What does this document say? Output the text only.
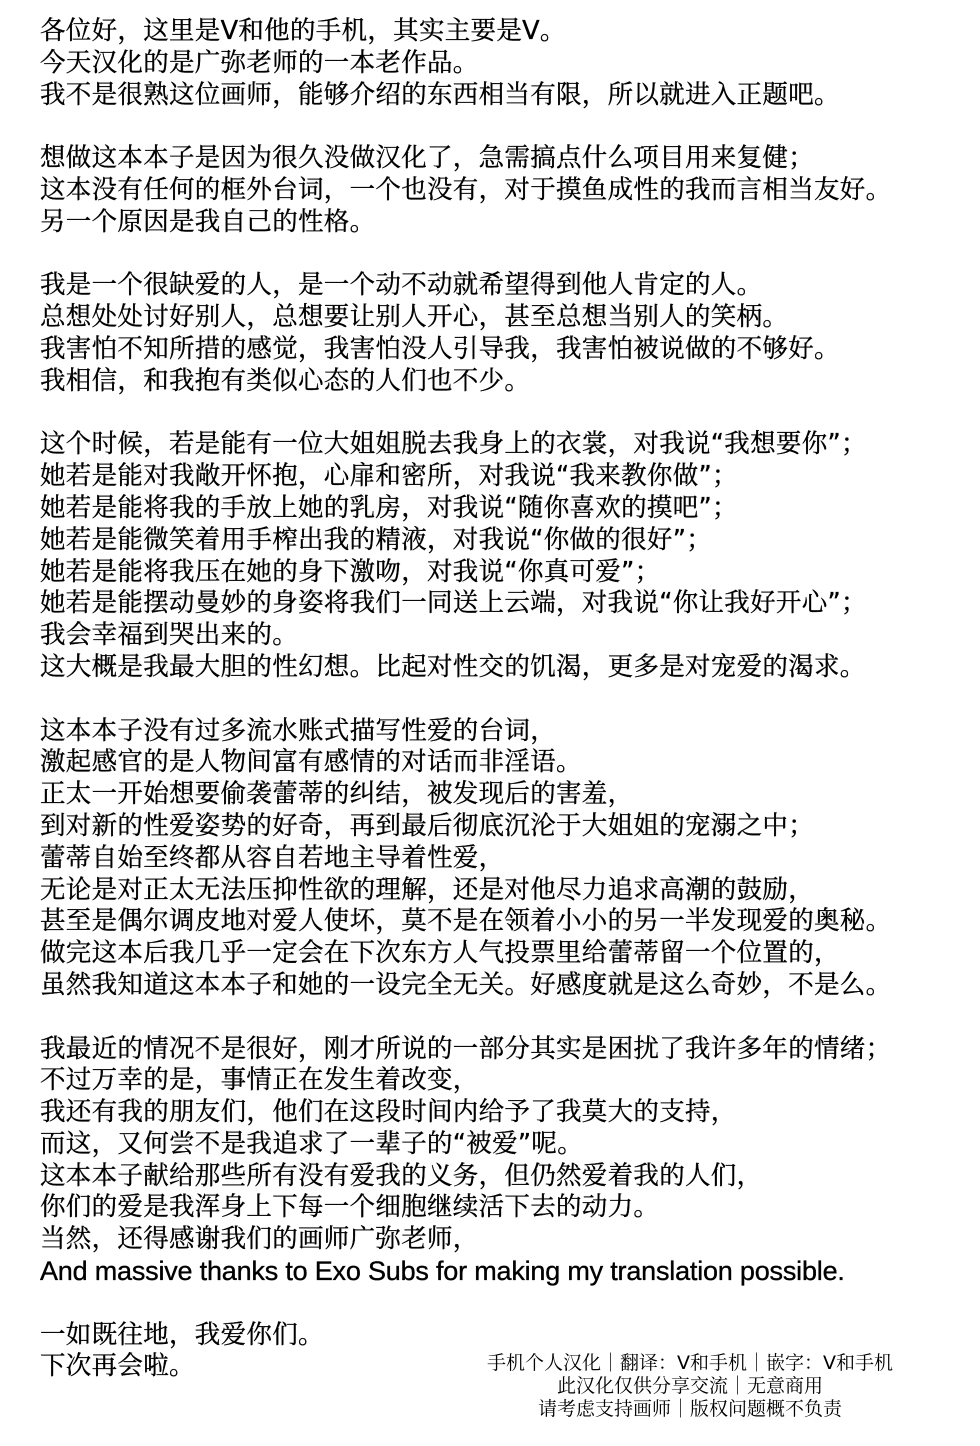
各位好，这里是V和他的手机，其实主要是V。
今天汉化的是广弥老师的一本老作品。
我不是很熟这位画师，能够介绍的东西相当有限，所以就进入正题吧。
想做这本本子是因为很久没做汉化了，急需搞点什么项目用来复健；
这本没有任何的框外台词，一个也没有，对于摸鱼成性的我而言相当友好。
另一个原因是我自己的性格。
我是一个很缺爱的人，是一个动不动就希望得到他人肯定的人。
总想处处讨好别人，总想要让别人开心，甚至总想当别人的笑柄。
我害怕不知所措的感觉，我害怕没人引导我，我害怕被说做的不够好。
我相信，和我抱有类似心态的人们也不少。
这个时候，若是能有一位大姐姐脱去我身上的衣裳，对我说“我想要你”；
她若是能对我敞开怀抱，心扉和密所，对我说“我来教你做”；
她若是能将我的手放上她的乳房，对我说“随你喜欢的摸吧”；
她若是能微笑着用手榨出我的精液，对我说“你做的很好”；
她若是能将我压在她的身下激吻，对我说“你真可爱”；
她若是能摆动曼妙的身姿将我们一同送上云端，对我说“你让我好开心”；
我会幸福到哭出来的。
这大概是我最大胆的性幻想。比起对性交的饥渴，更多是对宠爱的渴求。
这本本子没有过多流水账式描写性爱的台词，
激起感官的是人物间富有感情的对话而非淫语。
正太一开始想要偷袭蕾蒂的纠结，被发现后的害羞，
到对新的性爱姿势的好奇，再到最后彻底沉沦于大姐姐的宠溺之中；
蕾蒂自始至终都从容自若地主导着性爱，
无论是对正太无法压抑性欲的理解，还是对他尽力追求高潮的鼓励，
甚至是偶尔调皮地对爱人使坏，莫不是在领着小小的另一半发现爱的奥秘。
做完这本后我几乎一定会在下次东方人气投票里给蕾蒂留一个位置的，
虽然我知道这本本子和她的一设完全无关。好感度就是这么奇妙，不是么。
我最近的情况不是很好，刚才所说的一部分其实是困扰了我许多年的情绪；
不过万幸的是，事情正在发生着改变，
我还有我的朋友们，他们在这段时间内给予了我莫大的支持，
而这，又何尝不是我追求了一辈子的“被爱”呢。
这本本子献给那些所有没有爱我的义务，但仍然爱着我的人们，
你们的爱是我浑身上下每一个细胞继续活下去的动力。
当然，还得感谢我们的画师广弥老师，
And massive thanks to Exo Subs for making my translation possible.
一如既往地，我爱你们。
下次再会啦。	手机个人汉化｜翻译：V和手机｜嵌字：V和手机
此汉化仅供分享交流｜无意商用
请考虑支持画师｜版权问题概不负责
